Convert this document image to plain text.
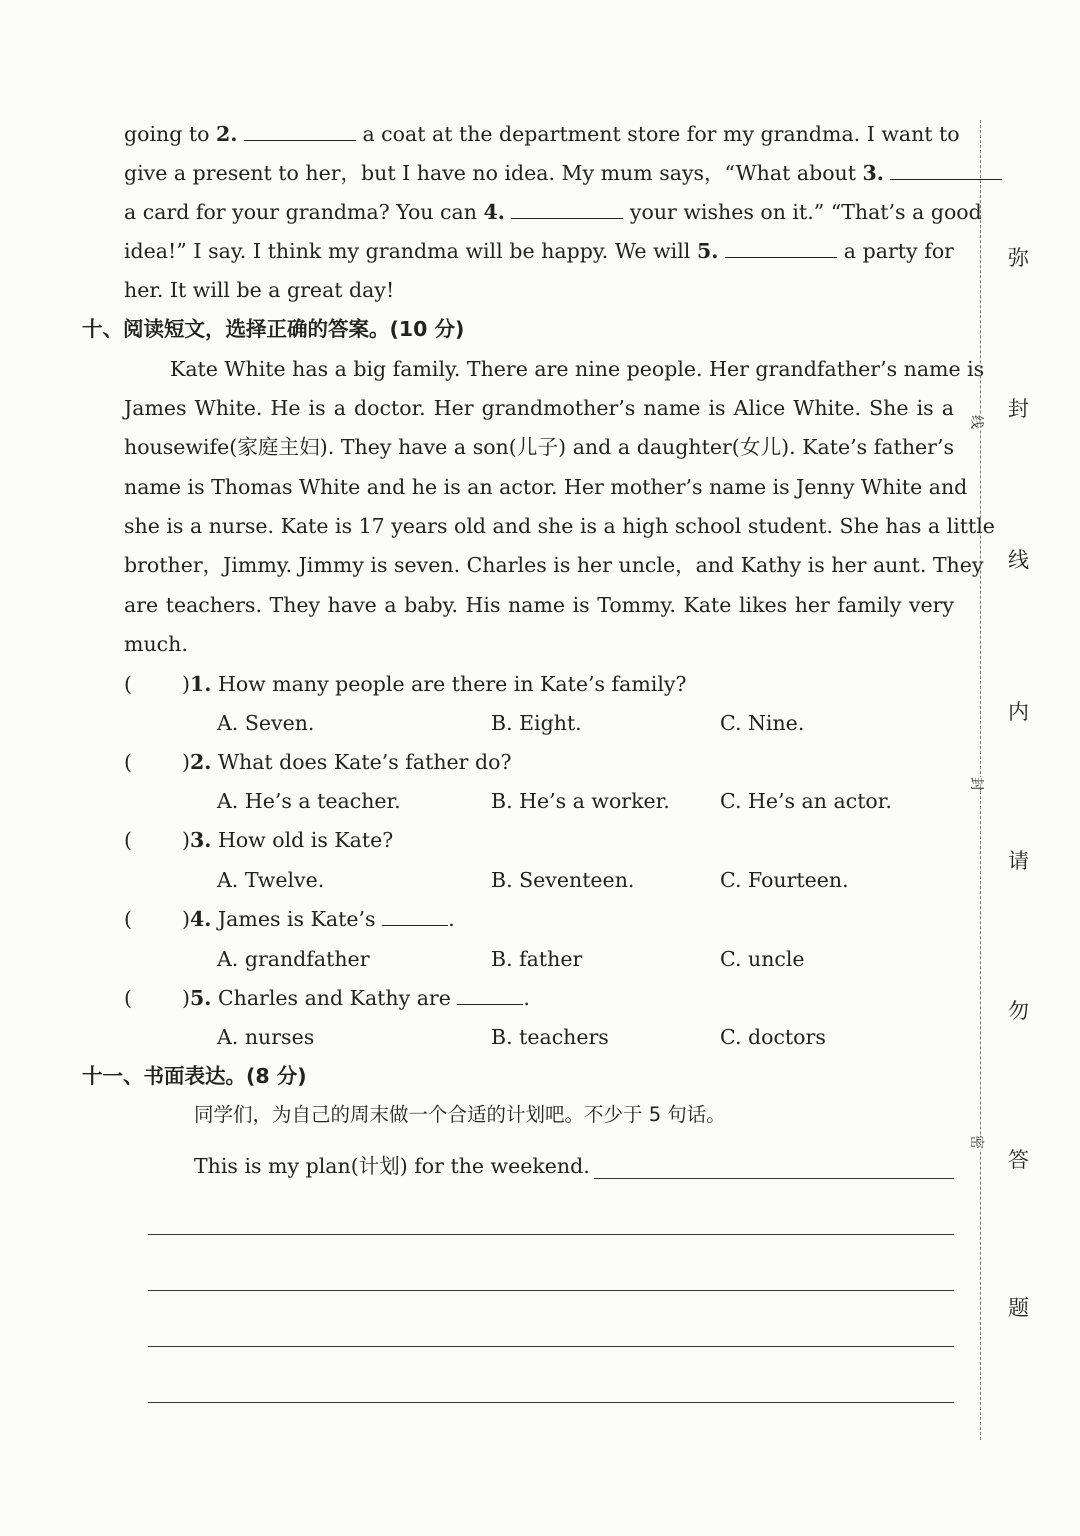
going to 2.	a coat at the department store for my grandma. I want to
give a present to her，but I have no idea. My mum says，“What about 3.
a card for your grandma? You can 4.	your wishes on it.” “That’s a good
idea!” I say. I think my grandma will be happy. We will 5.	a party for
her. It will be a great day!
十、阅读短文，选择正确的答案。(10 分)
Kate White has a big family. There are nine people. Her grandfather’s name is
James White. He is a doctor. Her grandmother’s name is Alice White. She is a
housewife(家庭主妇). They have a son(儿子) and a daughter(女儿). Kate’s father’s
name is Thomas White and he is an actor. Her mother’s name is Jenny White and
she is a nurse. Kate is 17 years old and she is a high school student. She has a little
brother，Jimmy. Jimmy is seven. Charles is her uncle，and Kathy is her aunt. They
are teachers. They have a baby. His name is Tommy. Kate likes her family very
much.
( )1. How many people are there in Kate’s family?
A. Seven.	B. Eight.	C. Nine.
( )2. What does Kate’s father do?
A. He’s a teacher.	B. He’s a worker. C. He’s an actor.
( )3. How old is Kate?
A. Twelve.	B. Seventeen.	C. Fourteen.
( )4. James is Kate’s	.
A. grandfather	B. father	C. uncle
( )5. Charles and Kathy are	.
A. nurses	B. teachers	C. doctors
十一、书面表达。(8 分)
同学们，为自己的周末做一个合适的计划吧。不少于 5 句话。
This is my plan(计划) for the weekend.
线
封
密
弥
封
线
内
请
勿
答
题
